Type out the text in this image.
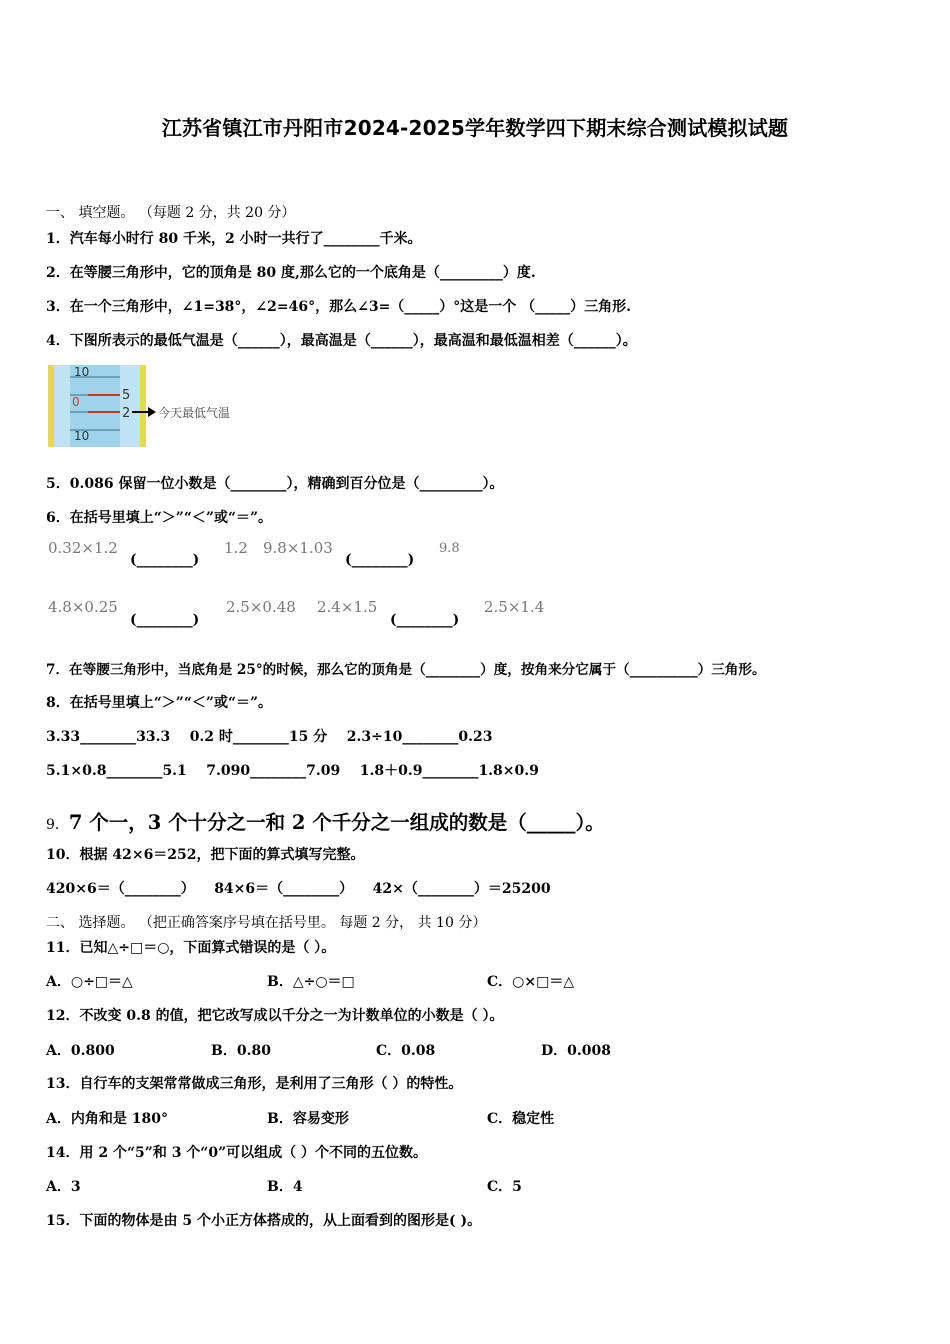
江苏省镇江市丹阳市2024-2025学年数学四下期末综合测试模拟试题
一、 填空题。 （每题 2 分，共 20 分）
1．汽车每小时行 80 千米，2 小时一共行了________千米。
2．在等腰三角形中，它的顶角是 80 度,那么它的一个底角是（_________）度.
3．在一个三角形中，∠1=38°，∠2=46°，那么∠3=（_____）°这是一个 （_____）三角形.
4．下图所表示的最低气温是（______），最高温是（______），最高温和最低温相差（______）。
10
5
0
2
10
今天最低气温
5．0.086 保留一位小数是（________），精确到百分位是（_________）。
6．在括号里填上“＞”“＜”或“＝”。
0.32×1.2
(________)
1.2 9.8×1.03
(________)
9.8
4.8×0.25
(________)
2.5×0.48 2.4×1.5
(________)
2.5×1.4
7．在等腰三角形中，当底角是 25°的时候，那么它的顶角是（________）度，按角来分它属于（__________）三角形。
8．在括号里填上“＞”“＜”或“＝”。
3.33________33.3    0.2 时________15 分    2.3÷10________0.23
5.1×0.8________5.1    7.090________7.09    1.8＋0.9________1.8×0.9
9．7 个一，3 个十分之一和 2 个千分之一组成的数是（_____）。
10．根据 42×6＝252，把下面的算式填写完整。
420×6＝（________）    84×6＝（________）    42×（________）＝25200
二、 选择题。 （把正确答案序号填在括号里。 每题 2 分， 共 10 分）
11．已知△÷□＝○，下面算式错误的是（ ）。
A．○÷□＝△	B．△÷○＝□	C．○×□＝△
12．不改变 0.8 的值，把它改写成以千分之一为计数单位的小数是（ ）。
A．0.800	B．0.80	C．0.08	D．0.008
13．自行车的支架常常做成三角形，是利用了三角形（ ）的特性。
A．内角和是 180°	B．容易变形	C．稳定性
14．用 2 个“5”和 3 个“0”可以组成（ ）个不同的五位数。
A．3	B．4	C．5
15．下面的物体是由 5 个小正方体搭成的，从上面看到的图形是( )。
